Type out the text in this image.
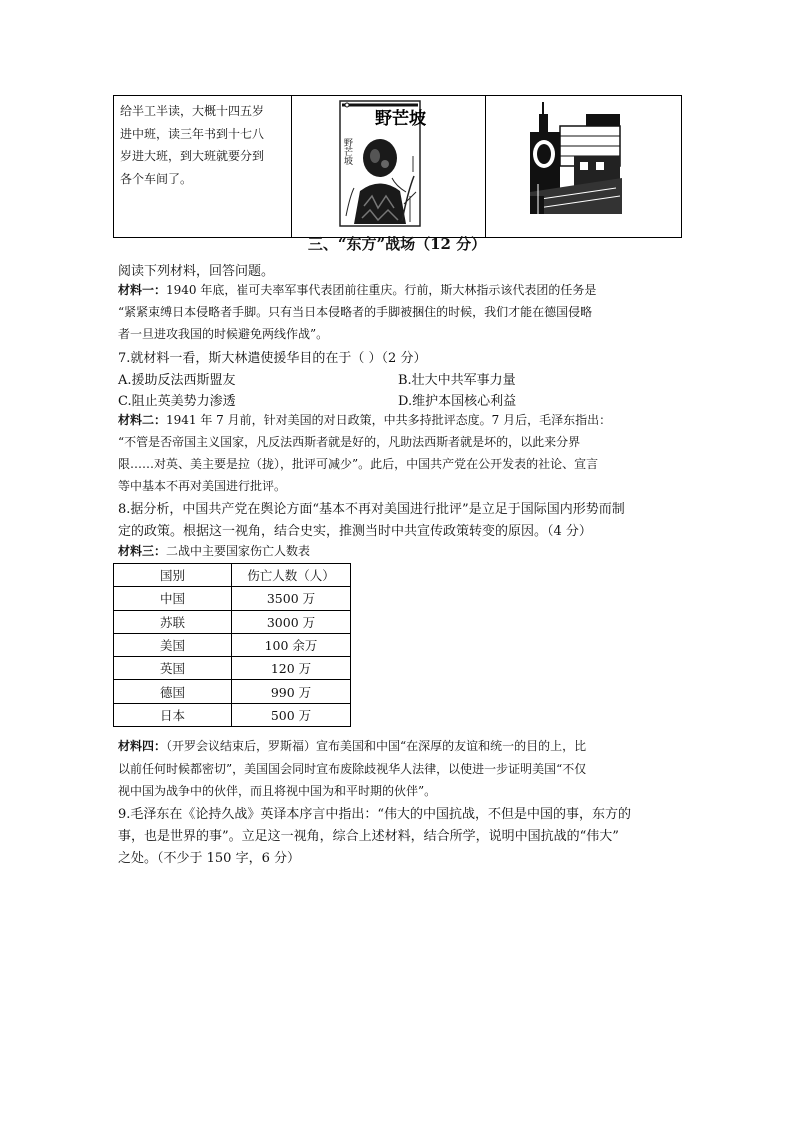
给半工半读，大概十四五岁
进中班，读三年书到十七八
岁进大班，到大班就要分到
各个车间了。

野芒坡
野芒坡

三、“东方”战场（12 分）
阅读下列材料，回答问题。
材料一：1940 年底，崔可夫率军事代表团前往重庆。行前，斯大林指示该代表团的任务是
“紧紧束缚日本侵略者手脚。只有当日本侵略者的手脚被捆住的时候，我们才能在德国侵略
者一旦进攻我国的时候避免两线作战”。
7.就材料一看，斯大林遣使援华目的在于（ ）（2 分）
A.援助反法西斯盟友	B.壮大中共军事力量
C.阻止英美势力渗透	D.维护本国核心利益
材料二：1941 年 7 月前，针对美国的对日政策，中共多持批评态度。7 月后，毛泽东指出：
“不管是否帝国主义国家，凡反法西斯者就是好的，凡助法西斯者就是坏的，以此来分界
限……对英、美主要是拉（拢），批评可减少”。此后，中国共产党在公开发表的社论、宣言
等中基本不再对美国进行批评。
8.据分析，中国共产党在舆论方面“基本不再对美国进行批评”是立足于国际国内形势而制
定的政策。根据这一视角，结合史实，推测当时中共宣传政策转变的原因。（4 分）
材料三：二战中主要国家伤亡人数表
国别	伤亡人数（人）
中国	3500 万
苏联	3000 万
美国	100 余万
英国	120 万
德国	990 万
日本	500 万
材料四：（开罗会议结束后，罗斯福）宣布美国和中国“在深厚的友谊和统一的目的上，比
以前任何时候都密切”，美国国会同时宣布废除歧视华人法律，以使进一步证明美国“不仅
视中国为战争中的伙伴，而且将视中国为和平时期的伙伴”。
9.毛泽东在《论持久战》英译本序言中指出：“伟大的中国抗战，不但是中国的事，东方的
事，也是世界的事”。立足这一视角，综合上述材料，结合所学，说明中国抗战的“伟大”
之处。（不少于 150 字，6 分）
